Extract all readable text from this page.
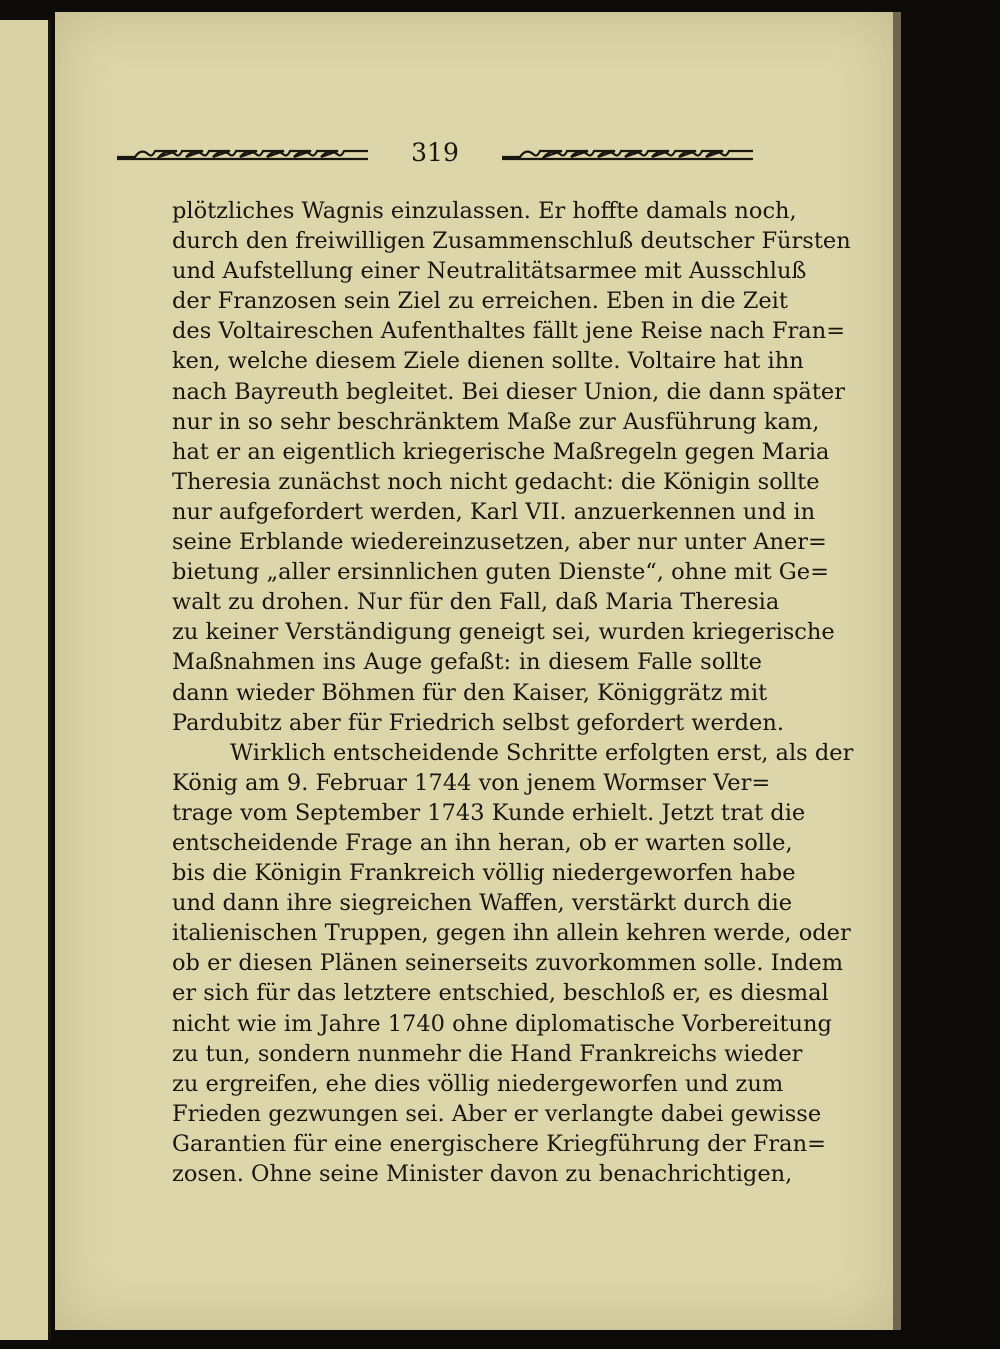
319
plötzliches Wagnis einzulassen. Er hoffte damals noch,
durch den freiwilligen Zusammenschluß deutscher Fürsten
und Aufstellung einer Neutralitätsarmee mit Ausschluß
der Franzosen sein Ziel zu erreichen. Eben in die Zeit
des Voltaireschen Aufenthaltes fällt jene Reise nach Fran=
ken, welche diesem Ziele dienen sollte. Voltaire hat ihn
nach Bayreuth begleitet. Bei dieser Union, die dann später
nur in so sehr beschränktem Maße zur Ausführung kam,
hat er an eigentlich kriegerische Maßregeln gegen Maria
Theresia zunächst noch nicht gedacht: die Königin sollte
nur aufgefordert werden, Karl VII. anzuerkennen und in
seine Erblande wiedereinzusetzen, aber nur unter Aner=
bietung „aller ersinnlichen guten Dienste“, ohne mit Ge=
walt zu drohen. Nur für den Fall, daß Maria Theresia
zu keiner Verständigung geneigt sei, wurden kriegerische
Maßnahmen ins Auge gefaßt: in diesem Falle sollte
dann wieder Böhmen für den Kaiser, Königgrätz mit
Pardubitz aber für Friedrich selbst gefordert werden.
Wirklich entscheidende Schritte erfolgten erst, als der
König am 9. Februar 1744 von jenem Wormser Ver=
trage vom September 1743 Kunde erhielt. Jetzt trat die
entscheidende Frage an ihn heran, ob er warten solle,
bis die Königin Frankreich völlig niedergeworfen habe
und dann ihre siegreichen Waffen, verstärkt durch die
italienischen Truppen, gegen ihn allein kehren werde, oder
ob er diesen Plänen seinerseits zuvorkommen solle. Indem
er sich für das letztere entschied, beschloß er, es diesmal
nicht wie im Jahre 1740 ohne diplomatische Vorbereitung
zu tun, sondern nunmehr die Hand Frankreichs wieder
zu ergreifen, ehe dies völlig niedergeworfen und zum
Frieden gezwungen sei. Aber er verlangte dabei gewisse
Garantien für eine energischere Kriegführung der Fran=
zosen. Ohne seine Minister davon zu benachrichtigen,
